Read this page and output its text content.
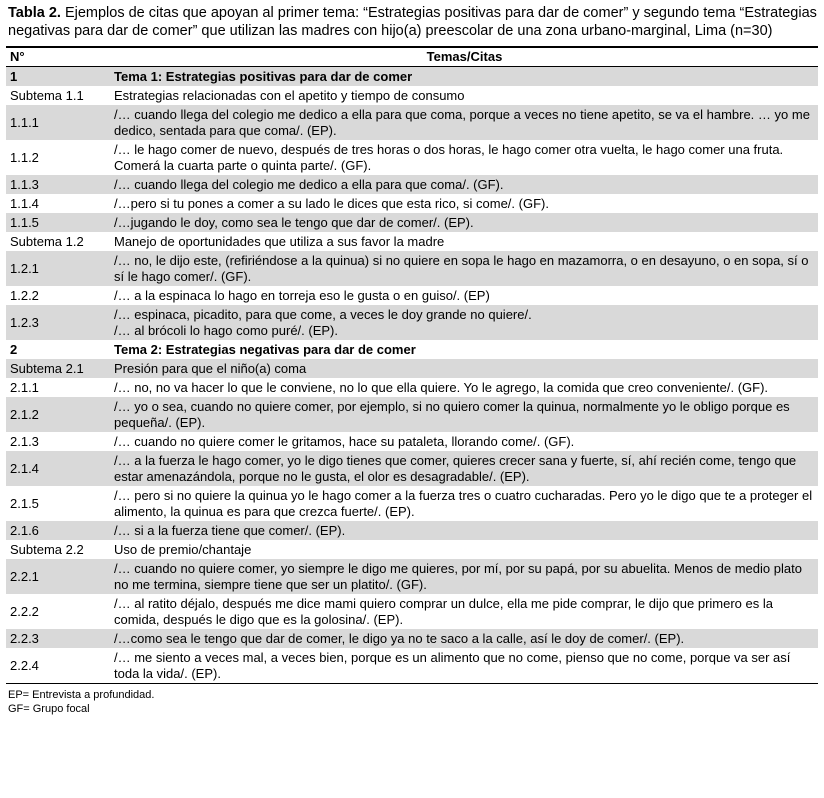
Tabla 2. Ejemplos de citas que apoyan al primer tema: “Estrategias positivas para dar de comer” y segundo tema “Estrategias negativas para dar de comer” que utilizan las madres con hijo(a) preescolar de una zona urbano-marginal, Lima (n=30)

N°	Temas/Citas
1	Tema 1: Estrategias positivas para dar de comer
Subtema 1.1	Estrategias relacionadas con el apetito y tiempo de consumo
1.1.1	/… cuando llega del colegio me dedico a ella para que coma, porque a veces no tiene apetito, se va el hambre. … yo me dedico, sentada para que coma/. (EP).
1.1.2	/… le hago comer de nuevo, después de tres horas o dos horas, le hago comer otra vuelta, le hago comer una fruta. Comerá la cuarta parte o quinta parte/. (GF).
1.1.3	/… cuando llega del colegio me dedico a ella para que coma/. (GF).
1.1.4	/…pero si tu pones a comer a su lado le dices que esta rico, si come/. (GF).
1.1.5	/…jugando le doy, como sea le tengo que dar de comer/. (EP).
Subtema 1.2	Manejo de oportunidades que utiliza a sus favor la madre
1.2.1	/… no, le dijo este, (refiriéndose a la quinua) si no quiere en sopa le hago en mazamorra, o en desayuno, o en sopa, sí o sí le hago comer/. (GF).
1.2.2	/… a la espinaca lo hago en torreja eso le gusta o en guiso/. (EP)
1.2.3	/… espinaca, picadito, para que come, a veces le doy grande no quiere/.
/… al brócoli lo hago como puré/. (EP).
2	Tema 2: Estrategias negativas para dar de comer
Subtema 2.1	Presión para que el niño(a) coma
2.1.1	/… no, no va hacer lo que le conviene, no lo que ella quiere. Yo le agrego, la comida que creo conveniente/. (GF).
2.1.2	/… yo o sea, cuando no quiere comer, por ejemplo, si no quiero comer la quinua, normalmente yo le obligo porque es pequeña/. (EP).
2.1.3	/… cuando no quiere comer le gritamos, hace su pataleta, llorando come/. (GF).
2.1.4	/… a la fuerza le hago comer, yo le digo tienes que comer, quieres crecer sana y fuerte, sí, ahí recién come, tengo que estar amenazándola, porque no le gusta, el olor es desagradable/. (EP).
2.1.5	/… pero si no quiere la quinua yo le hago comer a la fuerza tres o cuatro cucharadas. Pero yo le digo que te a proteger el alimento, la quinua es para que crezca fuerte/. (EP).
2.1.6	/… si a la fuerza tiene que comer/. (EP).
Subtema 2.2	Uso de premio/chantaje
2.2.1	/… cuando no quiere comer, yo siempre le digo me quieres, por mí, por su papá, por su abuelita. Menos de medio plato no me termina, siempre tiene que ser un platito/. (GF).
2.2.2	/… al ratito déjalo, después me dice mami quiero comprar un dulce, ella me pide comprar, le dijo que primero es la comida, después le digo que es la golosina/. (EP).
2.2.3	/…como sea le tengo que dar de comer, le digo ya no te saco a la calle, así le doy de comer/. (EP).
2.2.4	/… me siento a veces mal, a veces bien, porque es un alimento que no come, pienso que no come, porque va ser así toda la vida/. (EP).
EP= Entrevista a profundidad.
GF= Grupo focal
